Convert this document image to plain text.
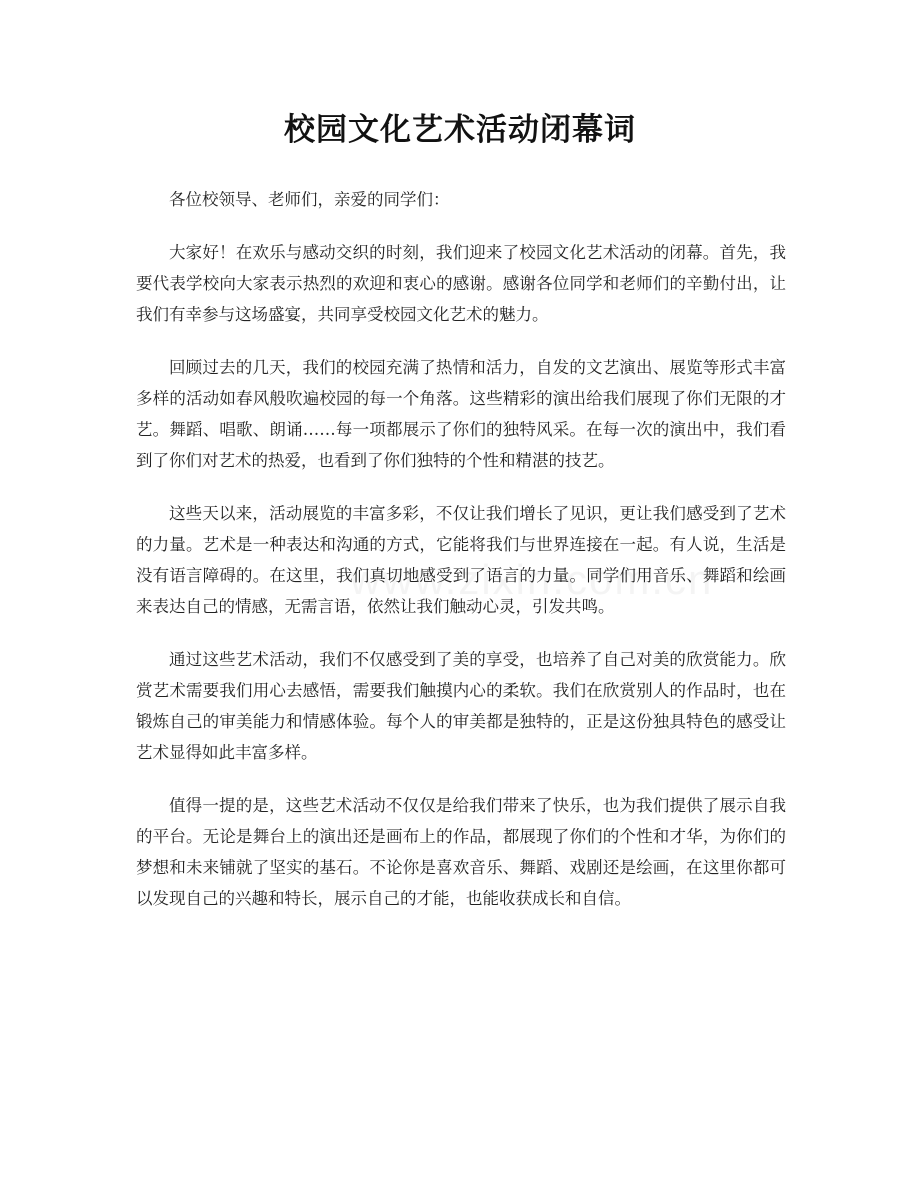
校园文化艺术活动闭幕词

各位校领导、老师们，亲爱的同学们：

大家好！在欢乐与感动交织的时刻，我们迎来了校园文化艺术活动的闭幕。首先，我要代表学校向大家表示热烈的欢迎和衷心的感谢。感谢各位同学和老师们的辛勤付出，让我们有幸参与这场盛宴，共同享受校园文化艺术的魅力。

回顾过去的几天，我们的校园充满了热情和活力，自发的文艺演出、展览等形式丰富多样的活动如春风般吹遍校园的每一个角落。这些精彩的演出给我们展现了你们无限的才艺。舞蹈、唱歌、朗诵……每一项都展示了你们的独特风采。在每一次的演出中，我们看到了你们对艺术的热爱，也看到了你们独特的个性和精湛的技艺。

这些天以来，活动展览的丰富多彩，不仅让我们增长了见识，更让我们感受到了艺术的力量。艺术是一种表达和沟通的方式，它能将我们与世界连接在一起。有人说，生活是没有语言障碍的。在这里，我们真切地感受到了语言的力量。同学们用音乐、舞蹈和绘画来表达自己的情感，无需言语，依然让我们触动心灵，引发共鸣。

通过这些艺术活动，我们不仅感受到了美的享受，也培养了自己对美的欣赏能力。欣赏艺术需要我们用心去感悟，需要我们触摸内心的柔软。我们在欣赏别人的作品时，也在锻炼自己的审美能力和情感体验。每个人的审美都是独特的，正是这份独具特色的感受让艺术显得如此丰富多样。

值得一提的是，这些艺术活动不仅仅是给我们带来了快乐，也为我们提供了展示自我的平台。无论是舞台上的演出还是画布上的作品，都展现了你们的个性和才华，为你们的梦想和未来铺就了坚实的基石。不论你是喜欢音乐、舞蹈、戏剧还是绘画，在这里你都可以发现自己的兴趣和特长，展示自己的才能，也能收获成长和自信。
